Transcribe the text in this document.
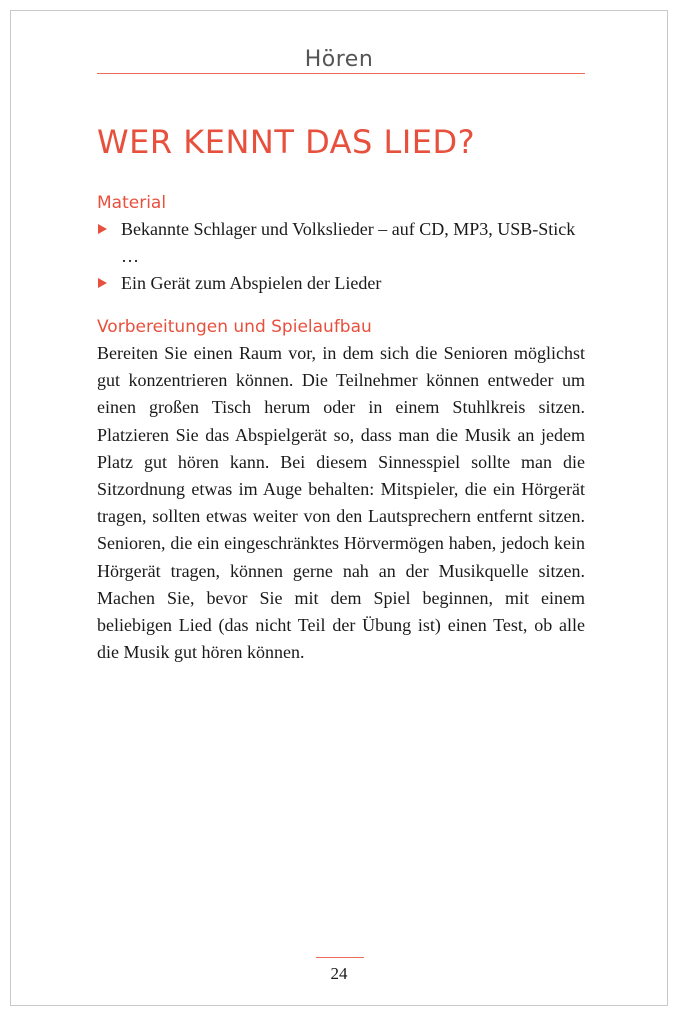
Hören
WER KENNT DAS LIED?
Material
Bekannte Schlager und Volkslieder – auf CD, MP3, USB-Stick …
Ein Gerät zum Abspielen der Lieder
Vorbereitungen und Spielaufbau

Bereiten Sie einen Raum vor, in dem sich die Senioren möglichst gut konzentrieren können. Die Teilnehmer können entweder um einen großen Tisch herum oder in einem Stuhlkreis sitzen. Platzieren Sie das Abspielgerät so, dass man die Musik an jedem Platz gut hören kann. Bei diesem Sinnesspiel sollte man die Sitzordnung etwas im Auge behalten: Mitspieler, die ein Hörgerät tragen, sollten etwas weiter von den Lautsprechern entfernt sitzen. Senioren, die ein eingeschränktes Hörvermögen haben, jedoch kein Hörgerät tragen, können gerne nah an der Musikquelle sitzen. Machen Sie, bevor Sie mit dem Spiel beginnen, mit einem beliebigen Lied (das nicht Teil der Übung ist) einen Test, ob alle die Musik gut hören können.

24
